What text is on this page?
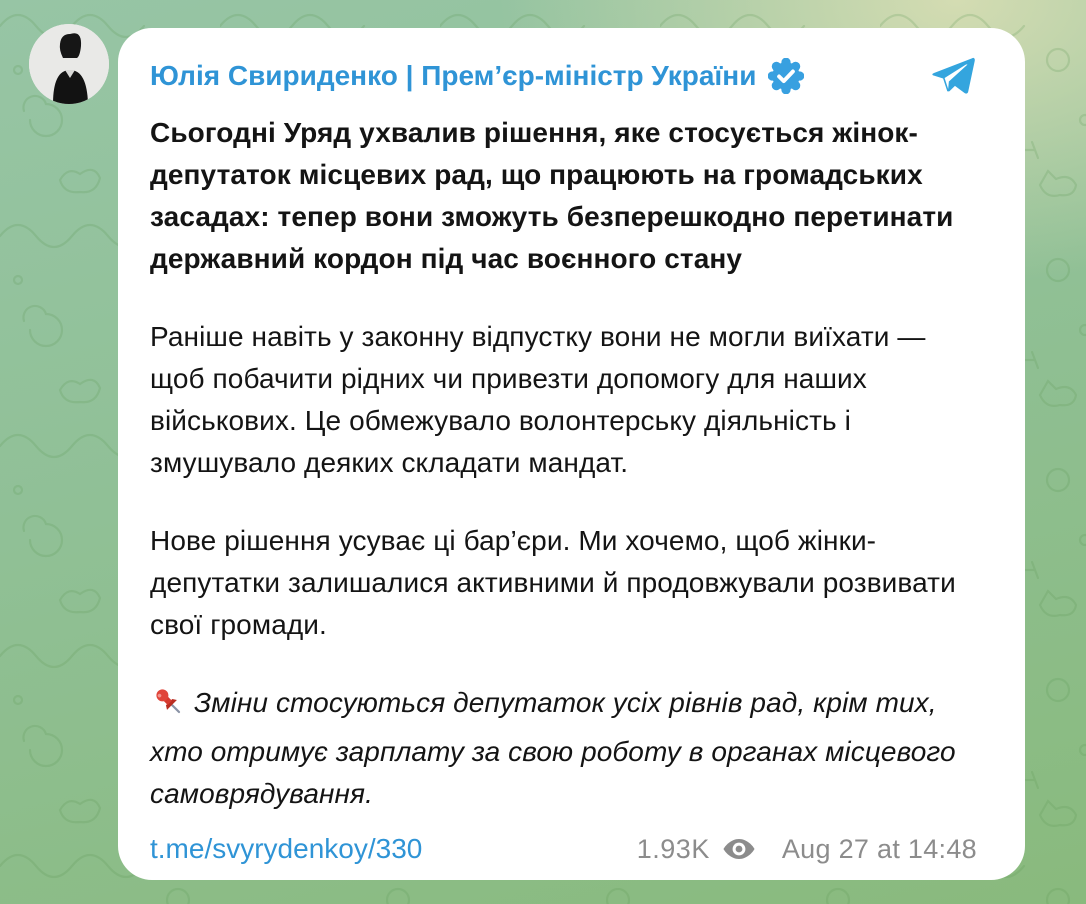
Юлія Свириденко | Прем’єр-міністр України

Сьогодні Уряд ухвалив рішення, яке стосується жінок-депутаток місцевих рад, що працюють на громадських засадах: тепер вони зможуть безперешкодно перетинати державний кордон під час воєнного стану

Раніше навіть у законну відпустку вони не могли виїхати — щоб побачити рідних чи привезти допомогу для наших військових. Це обмежувало волонтерську діяльність і змушувало деяких складати мандат.

Нове рішення усуває ці бар’єри. Ми хочемо, щоб жінки-депутатки залишалися активними й продовжували розвивати свої громади.

Зміни стосуються депутаток усіх рівнів рад, крім тих, хто отримує зарплату за свою роботу в органах місцевого самоврядування.

t.me/svyrydenkoy/330	1.93K	Aug 27 at 14:48
